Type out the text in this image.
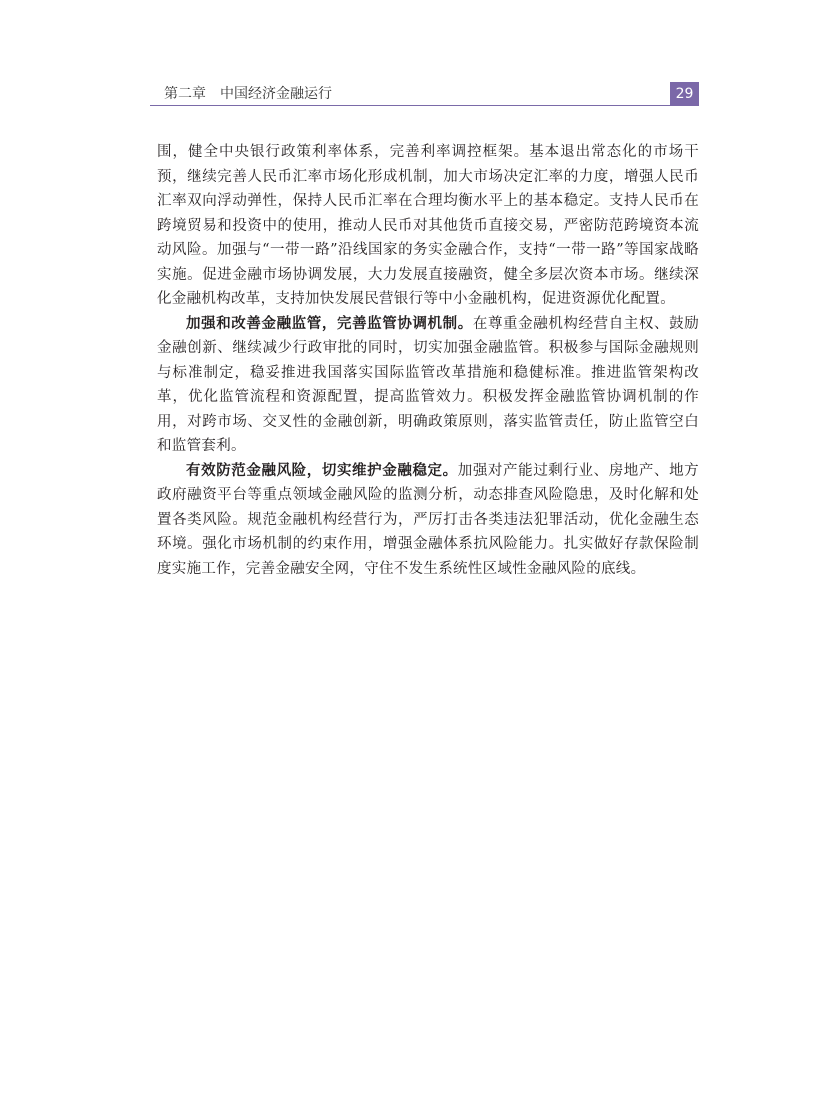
第二章　中国经济金融运行	29

围，健全中央银行政策利率体系，完善利率调控框架。基本退出常态化的市场干预，继续完善人民币汇率市场化形成机制，加大市场决定汇率的力度，增强人民币汇率双向浮动弹性，保持人民币汇率在合理均衡水平上的基本稳定。支持人民币在跨境贸易和投资中的使用，推动人民币对其他货币直接交易，严密防范跨境资本流动风险。加强与“一带一路”沿线国家的务实金融合作，支持“一带一路”等国家战略实施。促进金融市场协调发展，大力发展直接融资，健全多层次资本市场。继续深化金融机构改革，支持加快发展民营银行等中小金融机构，促进资源优化配置。

加强和改善金融监管，完善监管协调机制。在尊重金融机构经营自主权、鼓励金融创新、继续减少行政审批的同时，切实加强金融监管。积极参与国际金融规则与标准制定，稳妥推进我国落实国际监管改革措施和稳健标准。推进监管架构改革，优化监管流程和资源配置，提高监管效力。积极发挥金融监管协调机制的作用，对跨市场、交叉性的金融创新，明确政策原则，落实监管责任，防止监管空白和监管套利。

有效防范金融风险，切实维护金融稳定。加强对产能过剩行业、房地产、地方政府融资平台等重点领域金融风险的监测分析，动态排查风险隐患，及时化解和处置各类风险。规范金融机构经营行为，严厉打击各类违法犯罪活动，优化金融生态环境。强化市场机制的约束作用，增强金融体系抗风险能力。扎实做好存款保险制度实施工作，完善金融安全网，守住不发生系统性区域性金融风险的底线。
